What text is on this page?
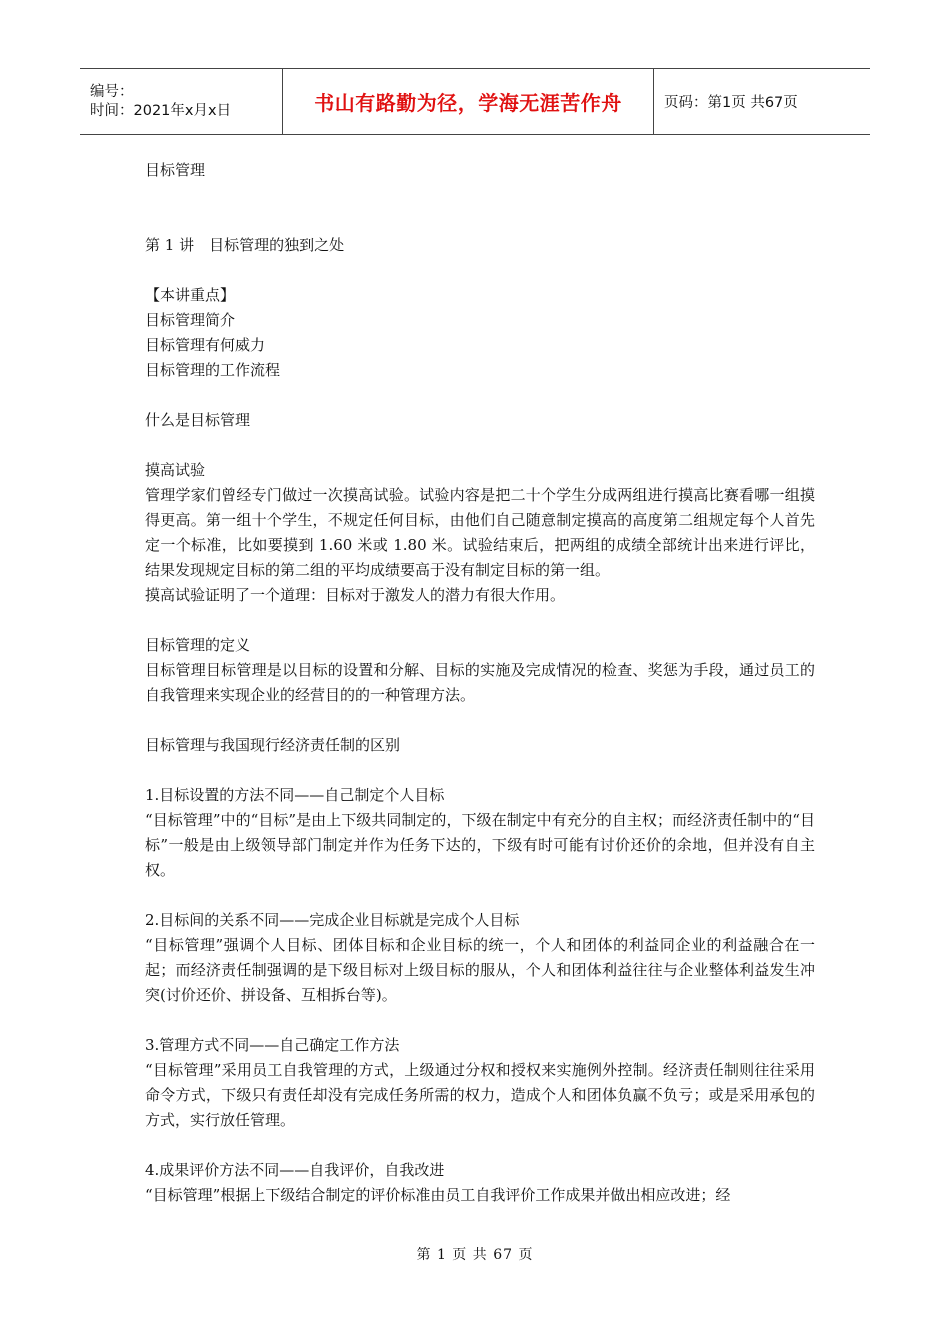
编号：
时间：2021年x月x日	书山有路勤为径，学海无涯苦作舟	页码：第1页 共67页

目标管理

第 1 讲　目标管理的独到之处

【本讲重点】

目标管理简介

目标管理有何威力

目标管理的工作流程

什么是目标管理

摸高试验

管理学家们曾经专门做过一次摸高试验。试验内容是把二十个学生分成两组进行摸高比赛看哪一组摸得更高。第一组十个学生，不规定任何目标，由他们自己随意制定摸高的高度第二组规定每个人首先定一个标准，比如要摸到 1.60 米或 1.80 米。试验结束后，把两组的成绩全部统计出来进行评比，结果发现规定目标的第二组的平均成绩要高于没有制定目标的第一组。

摸高试验证明了一个道理：目标对于激发人的潜力有很大作用。

目标管理的定义

目标管理目标管理是以目标的设置和分解、目标的实施及完成情况的检查、奖惩为手段，通过员工的自我管理来实现企业的经营目的的一种管理方法。

目标管理与我国现行经济责任制的区别

1.目标设置的方法不同——自己制定个人目标

“目标管理”中的“目标”是由上下级共同制定的，下级在制定中有充分的自主权；而经济责任制中的“目标”一般是由上级领导部门制定并作为任务下达的，下级有时可能有讨价还价的余地，但并没有自主权。

2.目标间的关系不同——完成企业目标就是完成个人目标

“目标管理”强调个人目标、团体目标和企业目标的统一，个人和团体的利益同企业的利益融合在一起；而经济责任制强调的是下级目标对上级目标的服从，个人和团体利益往往与企业整体利益发生冲突(讨价还价、拼设备、互相拆台等)。

3.管理方式不同——自己确定工作方法

“目标管理”采用员工自我管理的方式，上级通过分权和授权来实施例外控制。经济责任制则往往采用命令方式，下级只有责任却没有完成任务所需的权力，造成个人和团体负赢不负亏；或是采用承包的方式，实行放任管理。

4.成果评价方法不同——自我评价，自我改进

“目标管理”根据上下级结合制定的评价标准由员工自我评价工作成果并做出相应改进；经

第 1 页 共 67 页
